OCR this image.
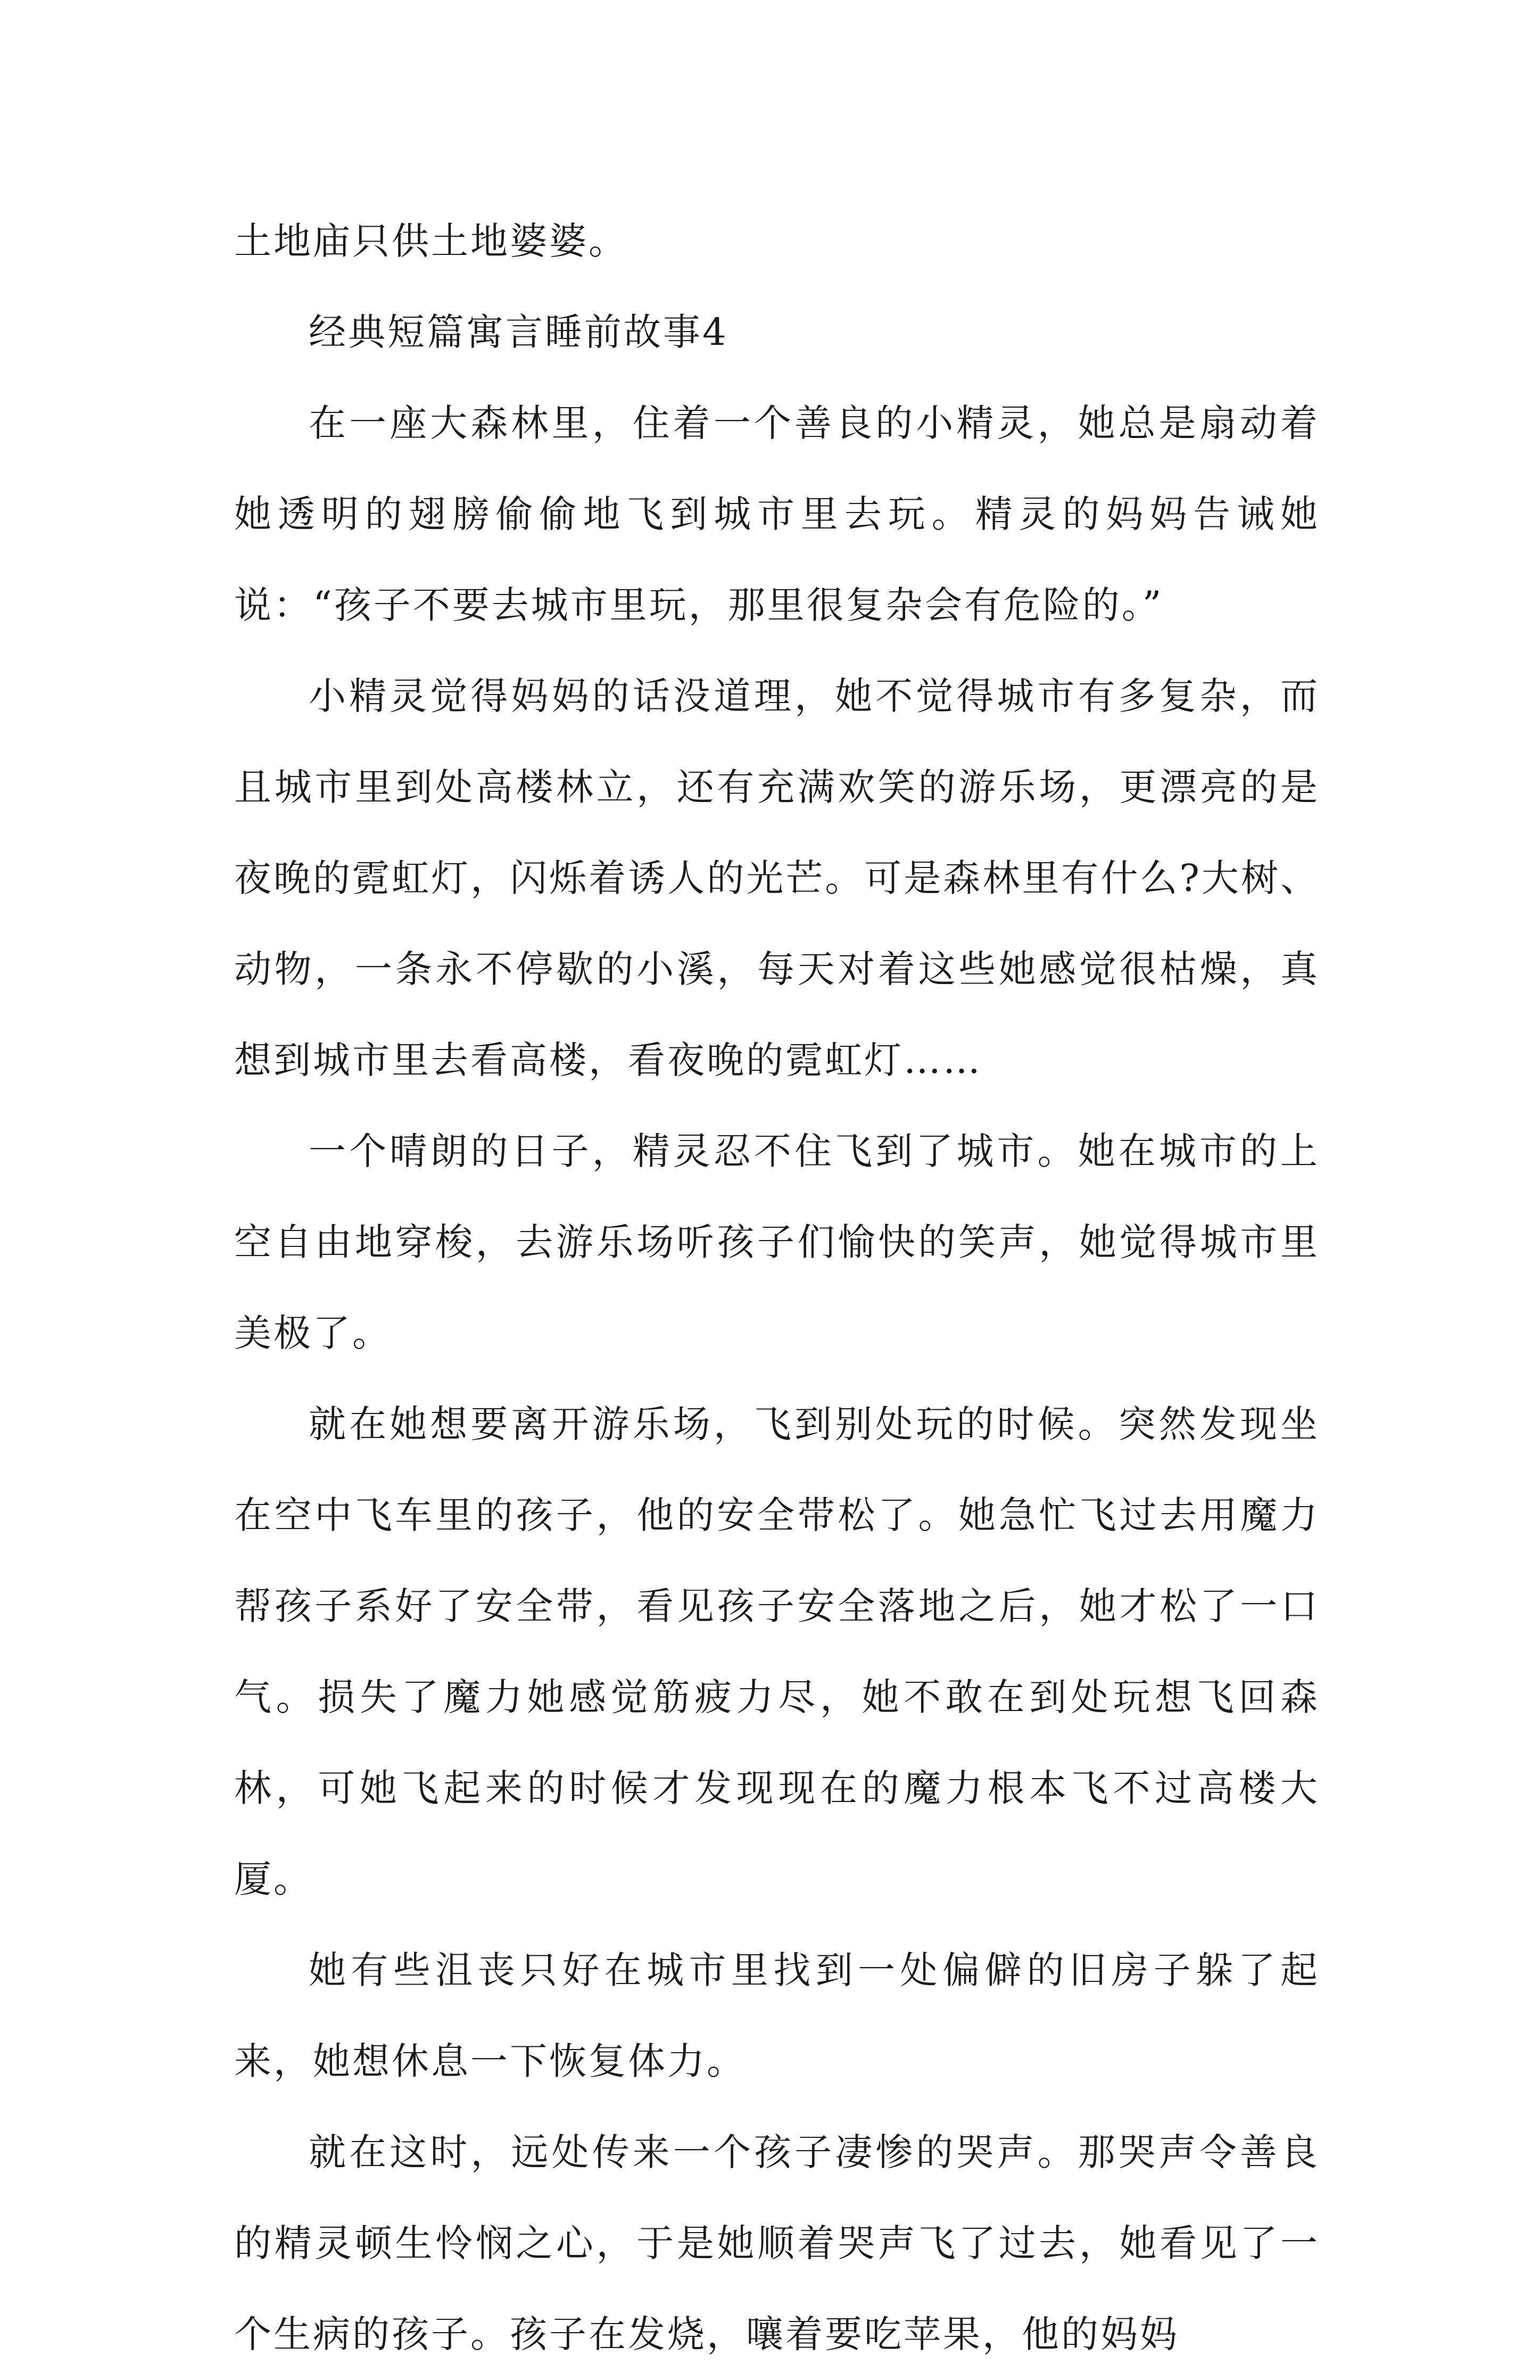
土地庙只供土地婆婆。

经典短篇寓言睡前故事4

在一座大森林里，住着一个善良的小精灵，她总是扇动着她透明的翅膀偷偷地飞到城市里去玩。精灵的妈妈告诫她说：“孩子不要去城市里玩，那里很复杂会有危险的。”

小精灵觉得妈妈的话没道理，她不觉得城市有多复杂，而且城市里到处高楼林立，还有充满欢笑的游乐场，更漂亮的是夜晚的霓虹灯，闪烁着诱人的光芒。可是森林里有什么?大树、动物，一条永不停歇的小溪，每天对着这些她感觉很枯燥，真想到城市里去看高楼，看夜晚的霓虹灯……

一个晴朗的日子，精灵忍不住飞到了城市。她在城市的上空自由地穿梭，去游乐场听孩子们愉快的笑声，她觉得城市里美极了。

就在她想要离开游乐场，飞到别处玩的时候。突然发现坐在空中飞车里的孩子，他的安全带松了。她急忙飞过去用魔力帮孩子系好了安全带，看见孩子安全落地之后，她才松了一口气。损失了魔力她感觉筋疲力尽，她不敢在到处玩想飞回森林，可她飞起来的时候才发现现在的魔力根本飞不过高楼大厦。

她有些沮丧只好在城市里找到一处偏僻的旧房子躲了起来，她想休息一下恢复体力。

就在这时，远处传来一个孩子凄惨的哭声。那哭声令善良的精灵顿生怜悯之心，于是她顺着哭声飞了过去，她看见了一个生病的孩子。孩子在发烧，嚷着要吃苹果，他的妈妈
